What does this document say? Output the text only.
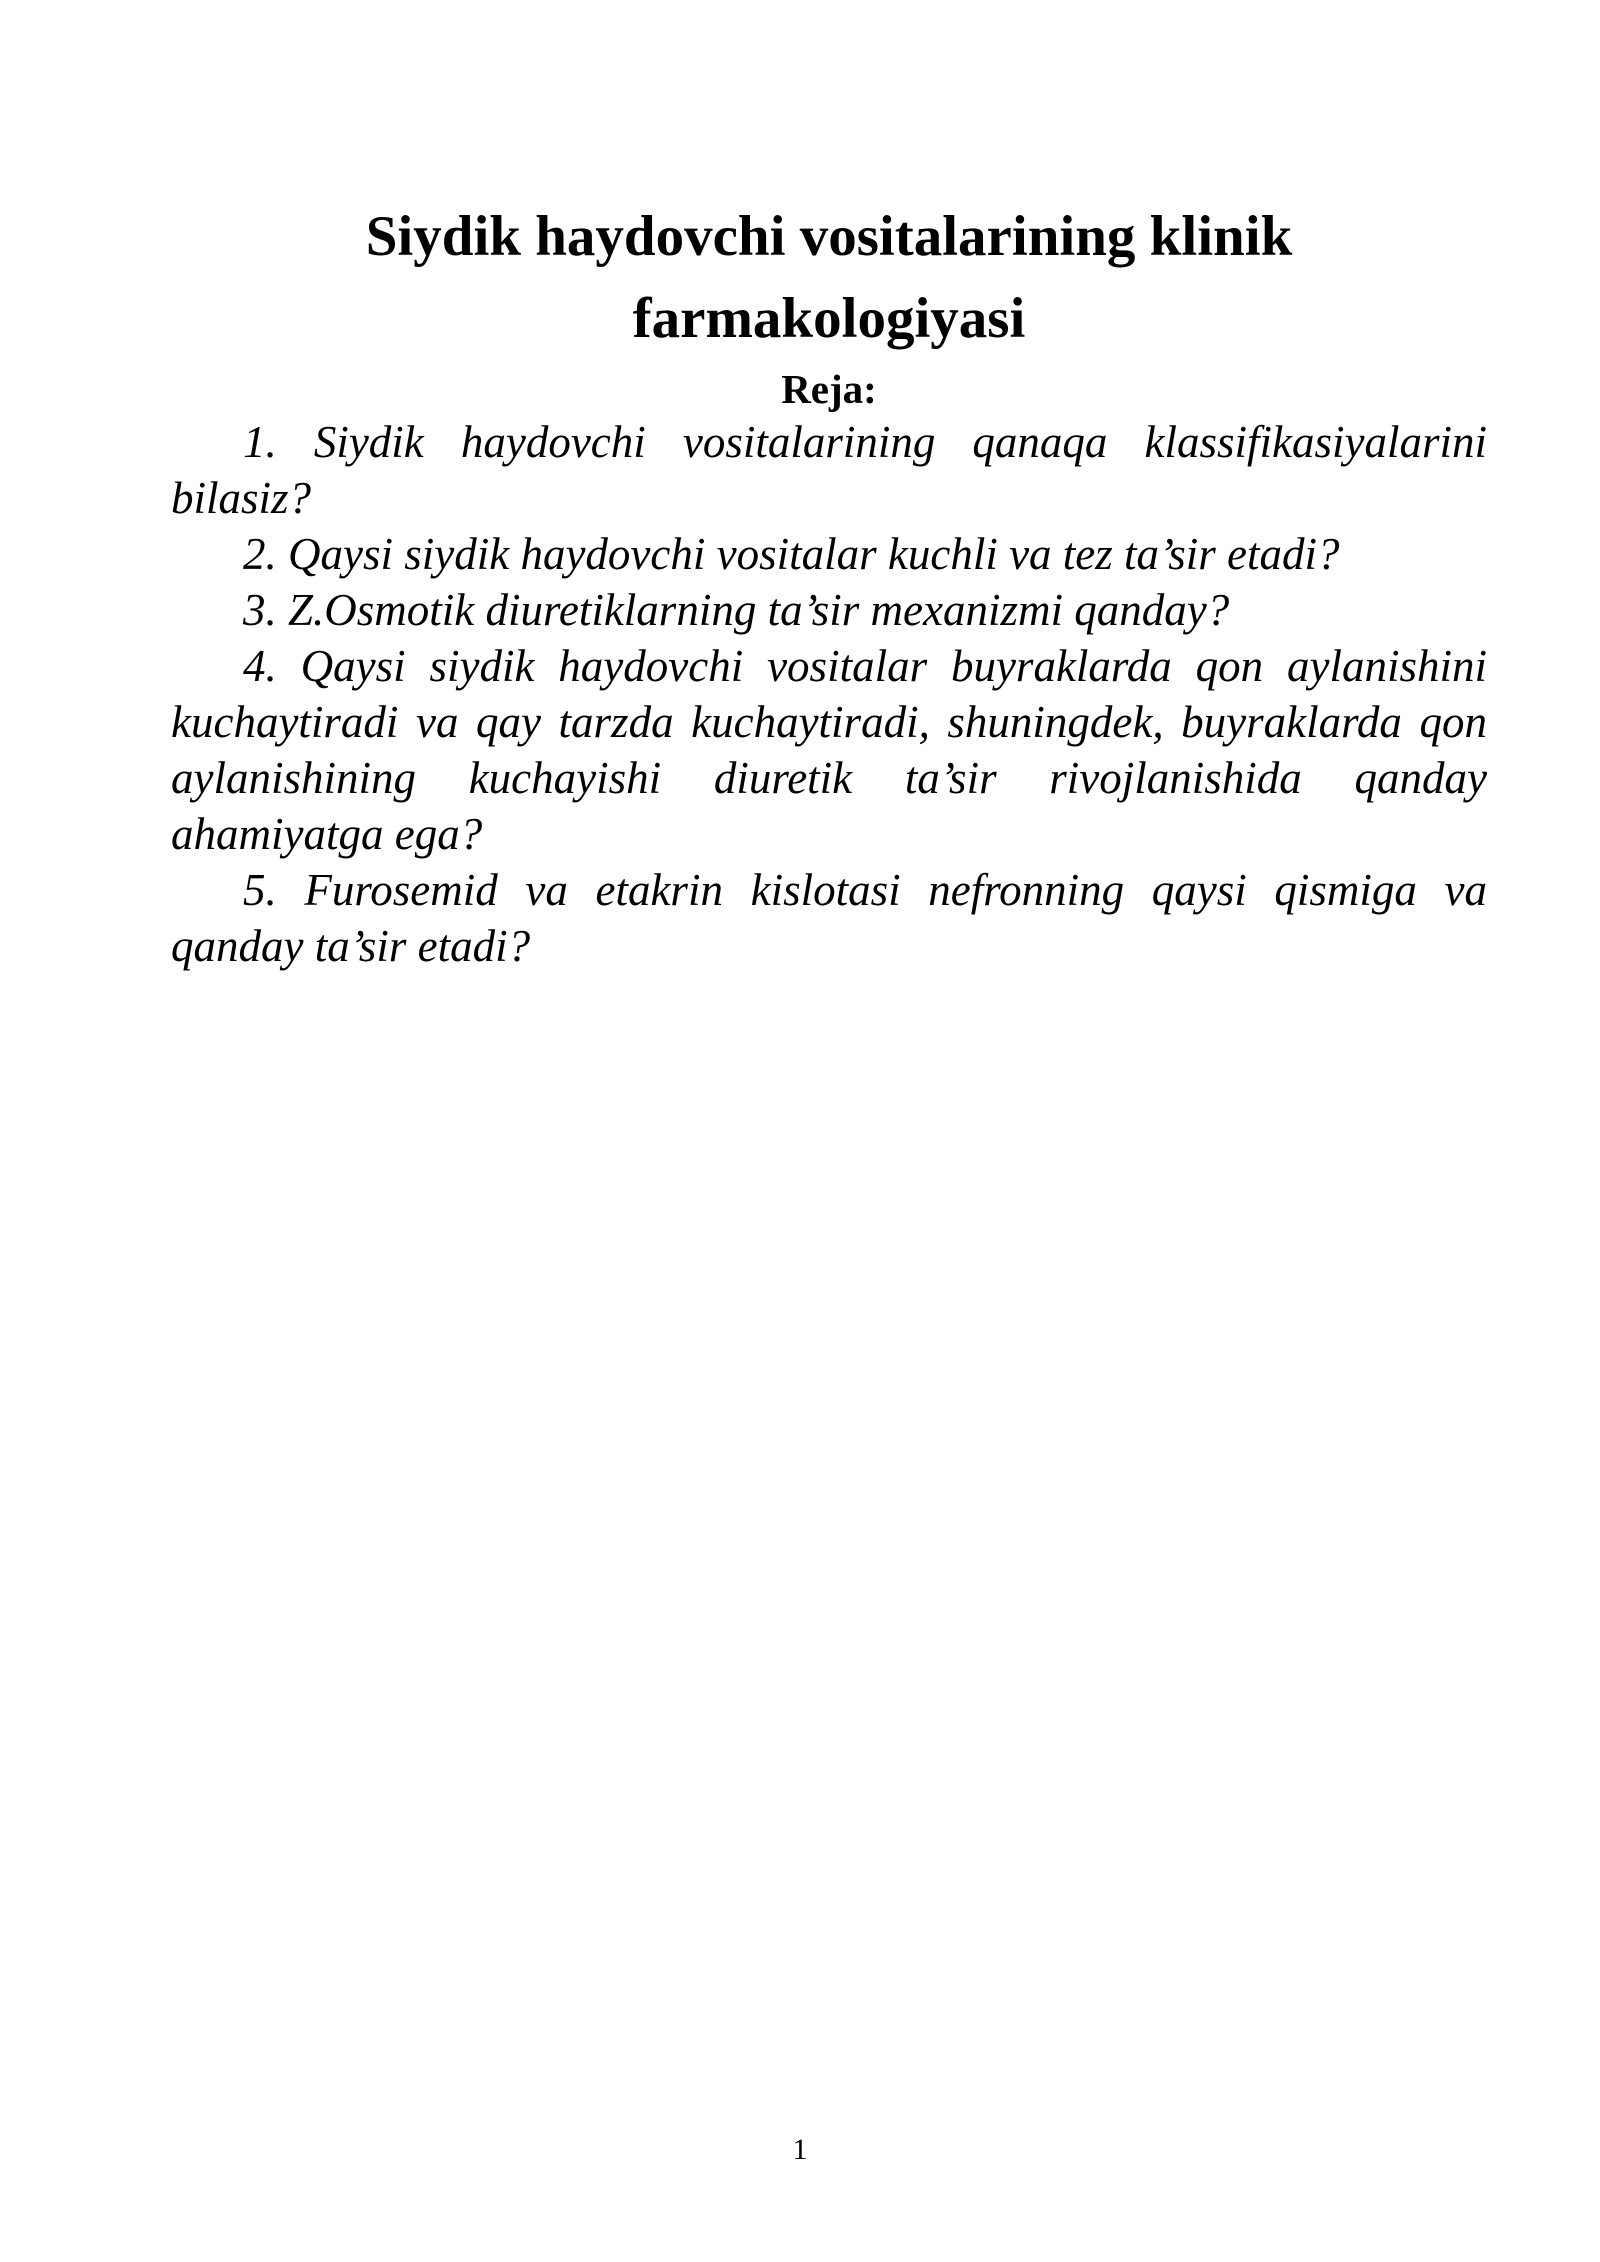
Siydik haydovchi vositalarining klinik
farmakologiyasi
Reja:
1. Siydik haydovchi vositalarining qanaqa klassifikasiyalarini bilasiz?
2. Qaysi siydik haydovchi vositalar kuchli va tez ta’sir etadi?
3. Z.Osmotik diuretiklarning ta’sir mexanizmi qanday?
4. Qaysi siydik haydovchi vositalar buyraklarda qon aylanishini kuchaytiradi va qay tarzda kuchaytiradi, shuningdek, buyraklarda qon aylanishining kuchayishi diuretik ta’sir rivojlanishida qanday ahamiyatga ega?
5. Furosemid va etakrin kislotasi nefronning qaysi qismiga va qanday ta’sir etadi?
1
